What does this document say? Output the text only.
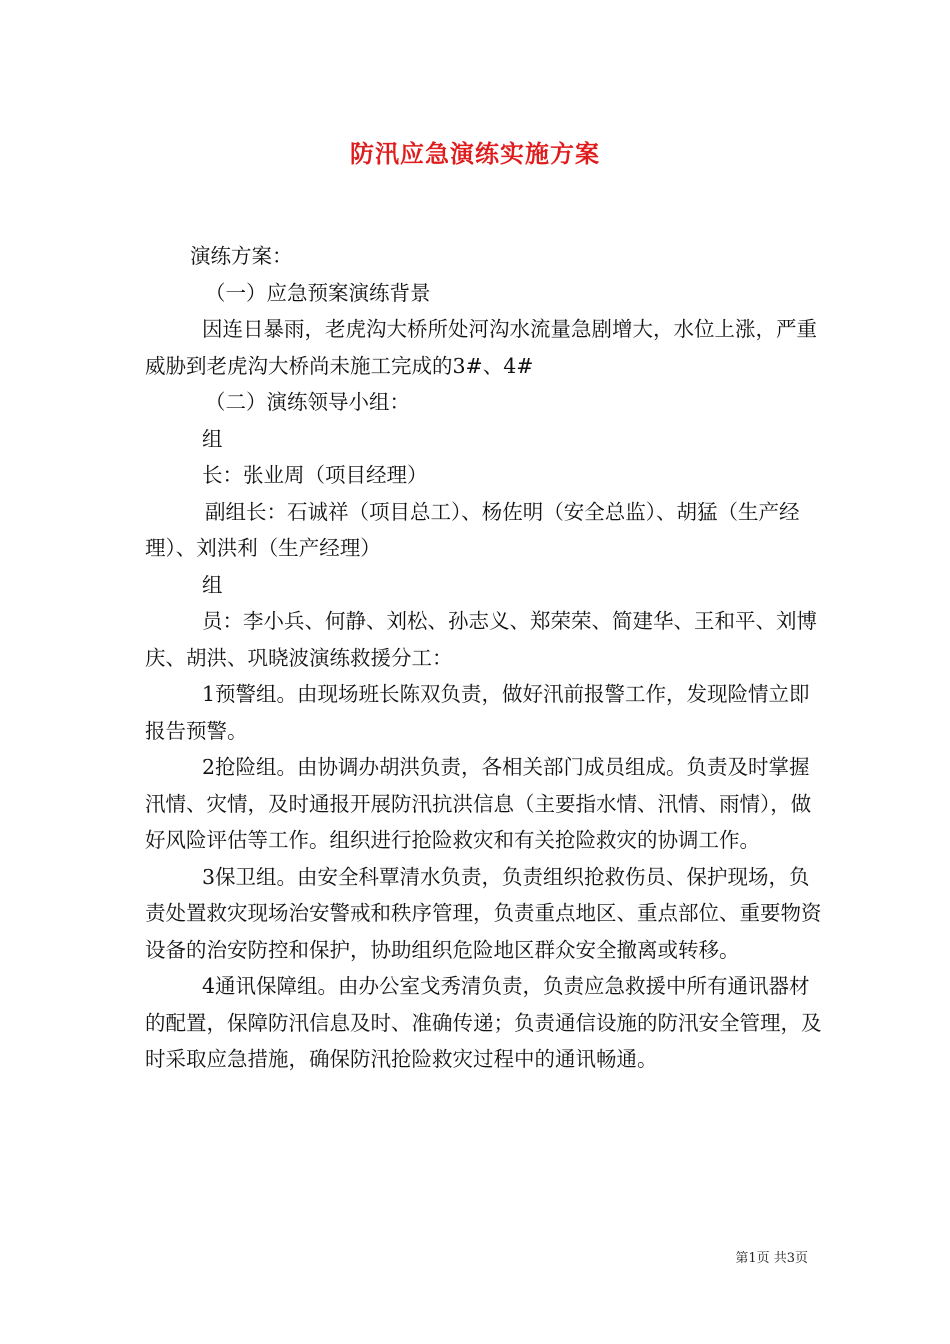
防汛应急演练实施方案

演练方案：

（一）应急预案演练背景

因连日暴雨，老虎沟大桥所处河沟水流量急剧增大，水位上涨，严重威胁到老虎沟大桥尚未施工完成的3#、4#

（二）演练领导小组：

组

长：张业周（项目经理）

副组长：石诚祥（项目总工）、杨佐明（安全总监）、胡猛（生产经理）、刘洪利（生产经理）

组

员：李小兵、何静、刘松、孙志义、郑荣荣、简建华、王和平、刘博庆、胡洪、巩晓波演练救援分工：

1预警组。由现场班长陈双负责，做好汛前报警工作，发现险情立即报告预警。

2抢险组。由协调办胡洪负责，各相关部门成员组成。负责及时掌握汛情、灾情，及时通报开展防汛抗洪信息（主要指水情、汛情、雨情），做好风险评估等工作。组织进行抢险救灾和有关抢险救灾的协调工作。

3保卫组。由安全科覃清水负责，负责组织抢救伤员、保护现场，负责处置救灾现场治安警戒和秩序管理，负责重点地区、重点部位、重要物资设备的治安防控和保护，协助组织危险地区群众安全撤离或转移。

4通讯保障组。由办公室戈秀清负责，负责应急救援中所有通讯器材的配置，保障防汛信息及时、准确传递；负责通信设施的防汛安全管理，及时采取应急措施，确保防汛抢险救灾过程中的通讯畅通。

第1页 共3页
